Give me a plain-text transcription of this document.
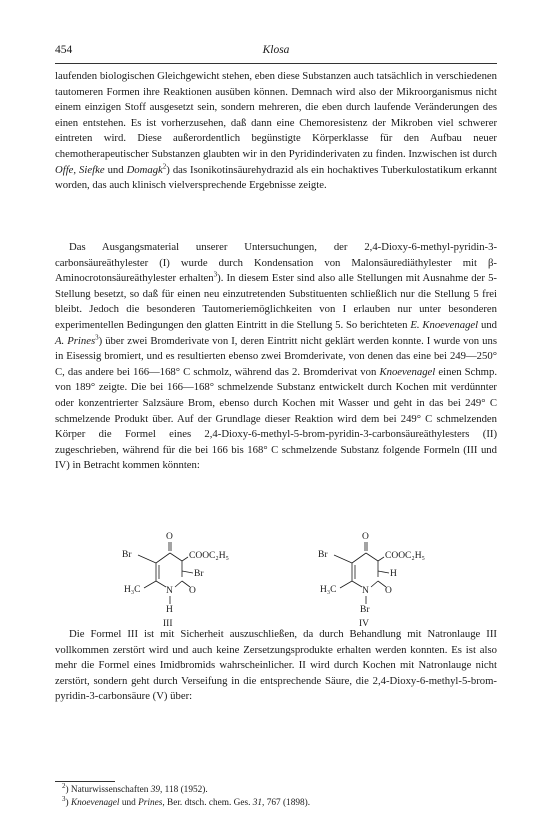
454	Klosa

laufenden biologischen Gleichgewicht stehen, eben diese Substanzen auch tatsächlich in verschiedenen tautomeren Formen ihre Reaktionen ausüben können. Demnach wird also der Mikroorganismus nicht einem einzigen Stoff ausgesetzt sein, sondern mehreren, die eben durch laufende Veränderungen des einen entstehen. Es ist vorherzusehen, daß dann eine Chemoresistenz der Mikroben viel schwerer eintreten wird. Diese außerordentlich begünstigte Körperklasse für den Aufbau neuer chemotherapeutischer Substanzen glaubten wir in den Pyridinderivaten zu finden. Inzwischen ist durch Offe, Siefke und Domagk$^2$) das Isonikotinsäurehydrazid als ein hochaktives Tuberkulostatikum erkannt worden, das auch klinisch vielversprechende Ergebnisse zeigte.

Das Ausgangsmaterial unserer Untersuchungen, der 2,4-Dioxy-6-methyl-pyridin-3-carbonsäureäthylester (I) wurde durch Kondensation von Malonsäurediäthylester mit β-Aminocrotonsäureäthylester erhalten$^3$). In diesem Ester sind also alle Stellungen mit Ausnahme der 5-Stellung besetzt, so daß für einen neu einzutretenden Substituenten schließlich nur die Stellung 5 frei bleibt. Jedoch die besonderen Tautomeriemöglichkeiten von I erlauben nur unter besonderen experimentellen Bedingungen den glatten Eintritt in die Stellung 5. So berichteten E. Knoevenagel und A. Prines$^3$) über zwei Bromderivate von I, deren Eintritt nicht geklärt werden konnte. I wurde von uns in Eisessig bromiert, und es resultierten ebenso zwei Bromderivate, von denen das eine bei 249—250° C, das andere bei 166—168° C schmolz, während das 2. Bromderivat von Knoevenagel einen Schmp. von 189° zeigte. Die bei 166—168° schmelzende Substanz entwickelt durch Kochen mit verdünnter oder konzentrierter Salzsäure Brom, ebenso durch Kochen mit Wasser und geht in das bei 249° C schmelzende Produkt über. Auf der Grundlage dieser Reaktion wird dem bei 249° C schmelzenden Körper die Formel eines 2,4-Dioxy-6-methyl-5-brom-pyridin-3-carbonsäureäthylesters (II) zugeschrieben, während für die bei 166 bis 168° C schmelzende Substanz folgende Formeln (III und IV) in Betracht kommen könnten:

O
Br	COOC₂H₅
Br
H₃C	N O
H
III
O
Br	COOC₂H₅
H
H₃C	N O
Br
IV

Die Formel III ist mit Sicherheit auszuschließen, da durch Behandlung mit Natronlauge III vollkommen zerstört wird und auch keine Zersetzungsprodukte erhalten werden konnten. Es ist also mehr die Formel eines Imidbromids wahrscheinlicher. II wird durch Kochen mit Natronlauge nicht zerstört, sondern geht durch Verseifung in die entsprechende Säure, die 2,4-Dioxy-6-methyl-5-brom-pyridin-3-carbonsäure (V) über:

$^2$) Naturwissenschaften 39, 118 (1952).
$^3$) Knoevenagel und Prines, Ber. dtsch. chem. Ges. 31, 767 (1898).
